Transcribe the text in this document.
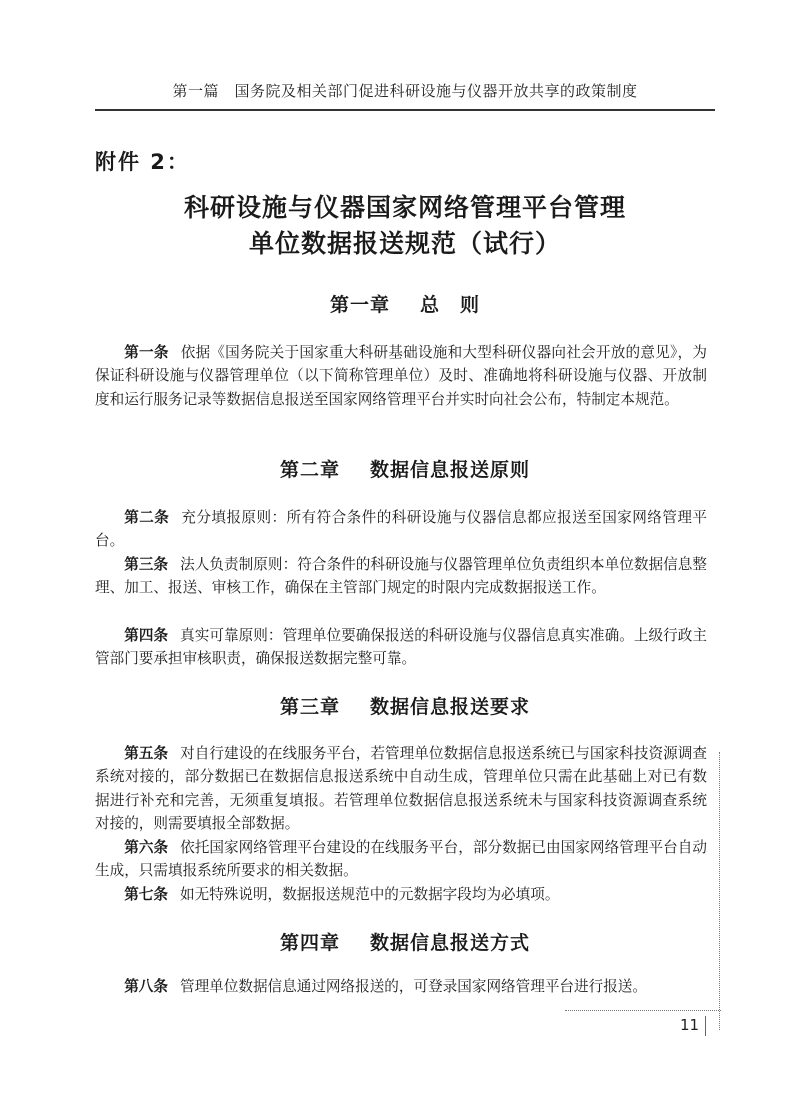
第一篇　国务院及相关部门促进科研设施与仪器开放共享的政策制度
附件 2：
科研设施与仪器国家网络管理平台管理
单位数据报送规范（试行）
第一章 总　则
第一条 依据《国务院关于国家重大科研基础设施和大型科研仪器向社会开放的意见》，为保证科研设施与仪器管理单位（以下简称管理单位）及时、准确地将科研设施与仪器、开放制度和运行服务记录等数据信息报送至国家网络管理平台并实时向社会公布，特制定本规范。
第二章 数据信息报送原则
第二条 充分填报原则：所有符合条件的科研设施与仪器信息都应报送至国家网络管理平台。
第三条 法人负责制原则：符合条件的科研设施与仪器管理单位负责组织本单位数据信息整理、加工、报送、审核工作，确保在主管部门规定的时限内完成数据报送工作。
第四条 真实可靠原则：管理单位要确保报送的科研设施与仪器信息真实准确。上级行政主管部门要承担审核职责，确保报送数据完整可靠。
第三章 数据信息报送要求
第五条 对自行建设的在线服务平台，若管理单位数据信息报送系统已与国家科技资源调查系统对接的，部分数据已在数据信息报送系统中自动生成，管理单位只需在此基础上对已有数据进行补充和完善，无须重复填报。若管理单位数据信息报送系统未与国家科技资源调查系统对接的，则需要填报全部数据。
第六条 依托国家网络管理平台建设的在线服务平台，部分数据已由国家网络管理平台自动生成，只需填报系统所要求的相关数据。
第七条 如无特殊说明，数据报送规范中的元数据字段均为必填项。
第四章 数据信息报送方式
第八条 管理单位数据信息通过网络报送的，可登录国家网络管理平台进行报送。
11
